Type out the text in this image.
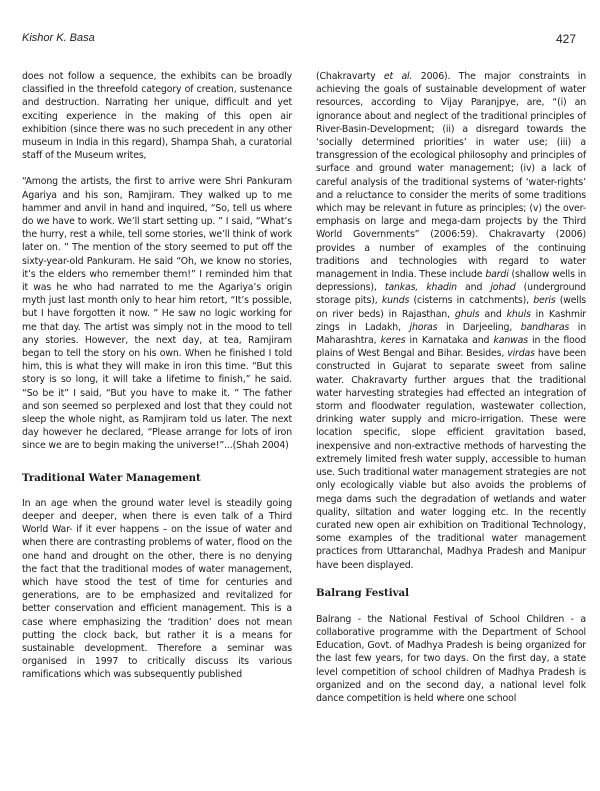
Kishor K. Basa	427

does not follow a sequence, the exhibits can be broadly classified in the threefold category of creation, sustenance and destruction. Narrating her unique, difficult and yet exciting experience in the making of this open air exhibition (since there was no such precedent in any other museum in India in this regard), Shampa Shah, a curatorial staff of the Museum writes,

“Among the artists, the first to arrive were Shri Pankuram Agariya and his son, Ramjiram. They walked up to me hammer and anvil in hand and inquired, “So, tell us where do we have to work. We’ll start setting up. ” I said, “What’s the hurry, rest a while, tell some stories, we’ll think of work later on. ” The mention of the story seemed to put off the sixty-year-old Pankuram. He said “Oh, we know no stories, it’s the elders who remember them!” I reminded him that it was he who had narrated to me the Agariya’s origin myth just last month only to hear him retort, “It’s possible, but I have forgotten it now. ” He saw no logic working for me that day. The artist was simply not in the mood to tell any stories. However, the next day, at tea, Ramjiram began to tell the story on his own. When he finished I told him, this is what they will make in iron this time. “But this story is so long, it will take a lifetime to finish,” he said. “So be it” I said, “But you have to make it. ” The father and son seemed so perplexed and lost that they could not sleep the whole night, as Ramjiram told us later. The next day however he declared, “Please arrange for lots of iron since we are to begin making the universe!”...(Shah 2004)

Traditional Water Management

In an age when the ground water level is steadily going deeper and deeper, when there is even talk of a Third World War- if it ever happens – on the issue of water and when there are contrasting problems of water, flood on the one hand and drought on the other, there is no denying the fact that the traditional modes of water management, which have stood the test of time for centuries and generations, are to be emphasized and revitalized for better conservation and efficient management. This is a case where emphasizing the ‘tradition’ does not mean putting the clock back, but rather it is a means for sustainable development. Therefore a seminar was organised in 1997 to critically discuss its various ramifications which was subsequently published

(Chakravarty et al. 2006). The major constraints in achieving the goals of sustainable development of water resources, according to Vijay Paranjpye, are, “(i) an ignorance about and neglect of the traditional principles of River-Basin-Development; (ii) a disregard towards the ‘socially determined priorities’ in water use; (iii) a transgression of the ecological philosophy and principles of surface and ground water management; (iv) a lack of careful analysis of the traditional systems of ‘water-rights’ and a reluctance to consider the merits of some traditions which may be relevant in future as principles; (v) the over-emphasis on large and mega-dam projects by the Third World Governments” (2006:59). Chakravarty (2006) provides a number of examples of the continuing traditions and technologies with regard to water management in India. These include bardi (shallow wells in depressions), tankas, khadin and johad (underground storage pits), kunds (cisterns in catchments), beris (wells on river beds) in Rajasthan, ghuls and khuls in Kashmir zings in Ladakh, jhoras in Darjeeling, bandharas in Maharashtra, keres in Karnataka and kanwas in the flood plains of West Bengal and Bihar. Besides, virdas have been constructed in Gujarat to separate sweet from saline water. Chakravarty further argues that the traditional water harvesting strategies had effected an integration of storm and floodwater regulation, wastewater collection, drinking water supply and micro-irrigation. These were location specific, slope efficient gravitation based, inexpensive and non-extractive methods of harvesting the extremely limited fresh water supply, accessible to human use. Such traditional water management strategies are not only ecologically viable but also avoids the problems of mega dams such the degradation of wetlands and water quality, siltation and water logging etc. In the recently curated new open air exhibition on Traditional Technology, some examples of the traditional water management practices from Uttaranchal, Madhya Pradesh and Manipur have been displayed.

Balrang Festival

Balrang - the National Festival of School Children - a collaborative programme with the Department of School Education, Govt. of Madhya Pradesh is being organized for the last few years, for two days. On the first day, a state level competition of school children of Madhya Pradesh is organized and on the second day, a national level folk dance competition is held where one school
